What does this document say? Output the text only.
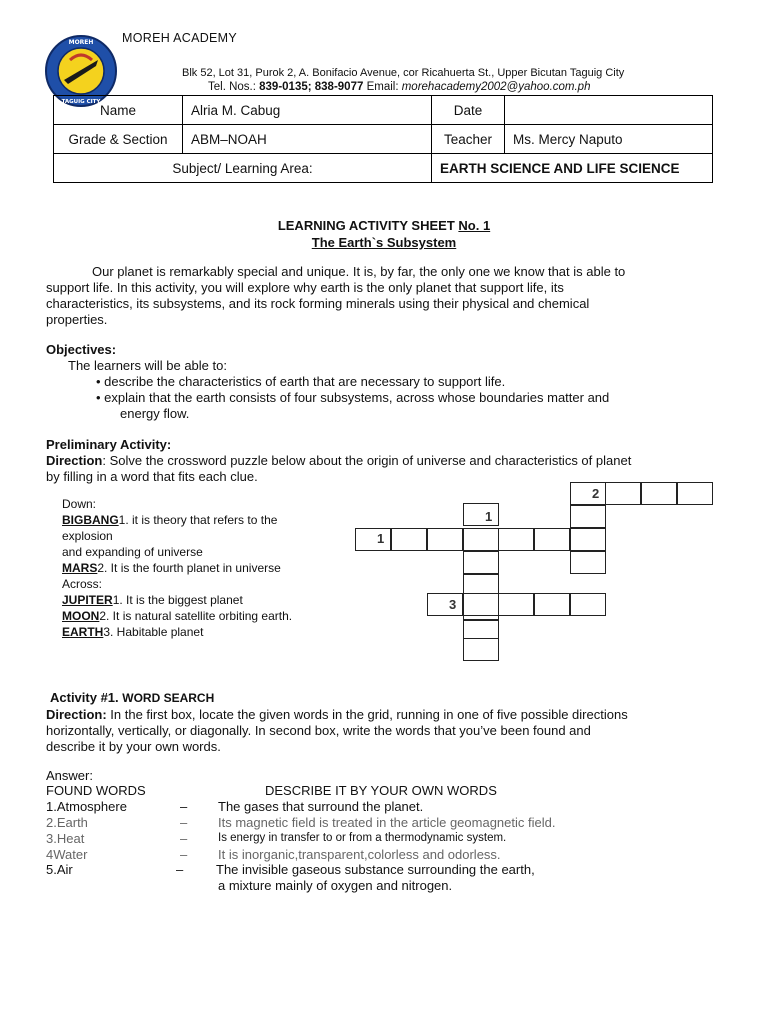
MOREH
TAGUIG CITY
MOREH ACADEMY
Blk 52, Lot 31, Purok 2, A. Bonifacio Avenue, cor Ricahuerta St., Upper Bicutan Taguig City
Tel. Nos.: 839-0135; 838-9077 Email: morehacademy2002@yahoo.com.ph
Name	Alria M. Cabug	Date	
Grade & Section	ABM–NOAH	Teacher	Ms. Mercy Naputo
Subject/ Learning Area:		EARTH SCIENCE AND LIFE SCIENCE	
LEARNING ACTIVITY SHEET No. 1
The Earth`s Subsystem
Our planet is remarkably special and unique. It is, by far, the only one we know that is able to
support life. In this activity, you will explore why earth is the only planet that support life, its
characteristics, its subsystems, and its rock forming minerals using their physical and chemical
properties.
Objectives:
The learners will be able to:
• describe the characteristics of earth that are necessary to support life.
• explain that the earth consists of four subsystems, across whose boundaries matter and
energy flow.
Preliminary Activity:
Direction: Solve the crossword puzzle below about the origin of universe and characteristics of planet
by filling in a word that fits each clue.
Down:
BIGBANG1. it is theory that refers to the
explosion
and expanding of universe
MARS2. It is the fourth planet in universe
Across:
JUPITER1. It is the biggest planet
MOON2. It is natural satellite orbiting earth.
EARTH3. Habitable planet
1
1
2
3
Activity #1. WORD SEARCH
Direction: In the first box, locate the given words in the grid, running in one of five possible directions
horizontally, vertically, or diagonally. In second box, write the words that you’ve been found and
describe it by your own words.
Answer:
FOUND WORDS	DESCRIBE IT BY YOUR OWN WORDS
1.Atmosphere	– The gases that surround the planet.
2.Earth	– Its magnetic field is treated in the article geomagnetic field.
3.Heat	–	Is energy in transfer to or from a thermodynamic system.
4Water	– It is inorganic,transparent,colorless and odorless.
5.Air	–	The invisible gaseous substance surrounding the earth,
a mixture mainly of oxygen and nitrogen.
